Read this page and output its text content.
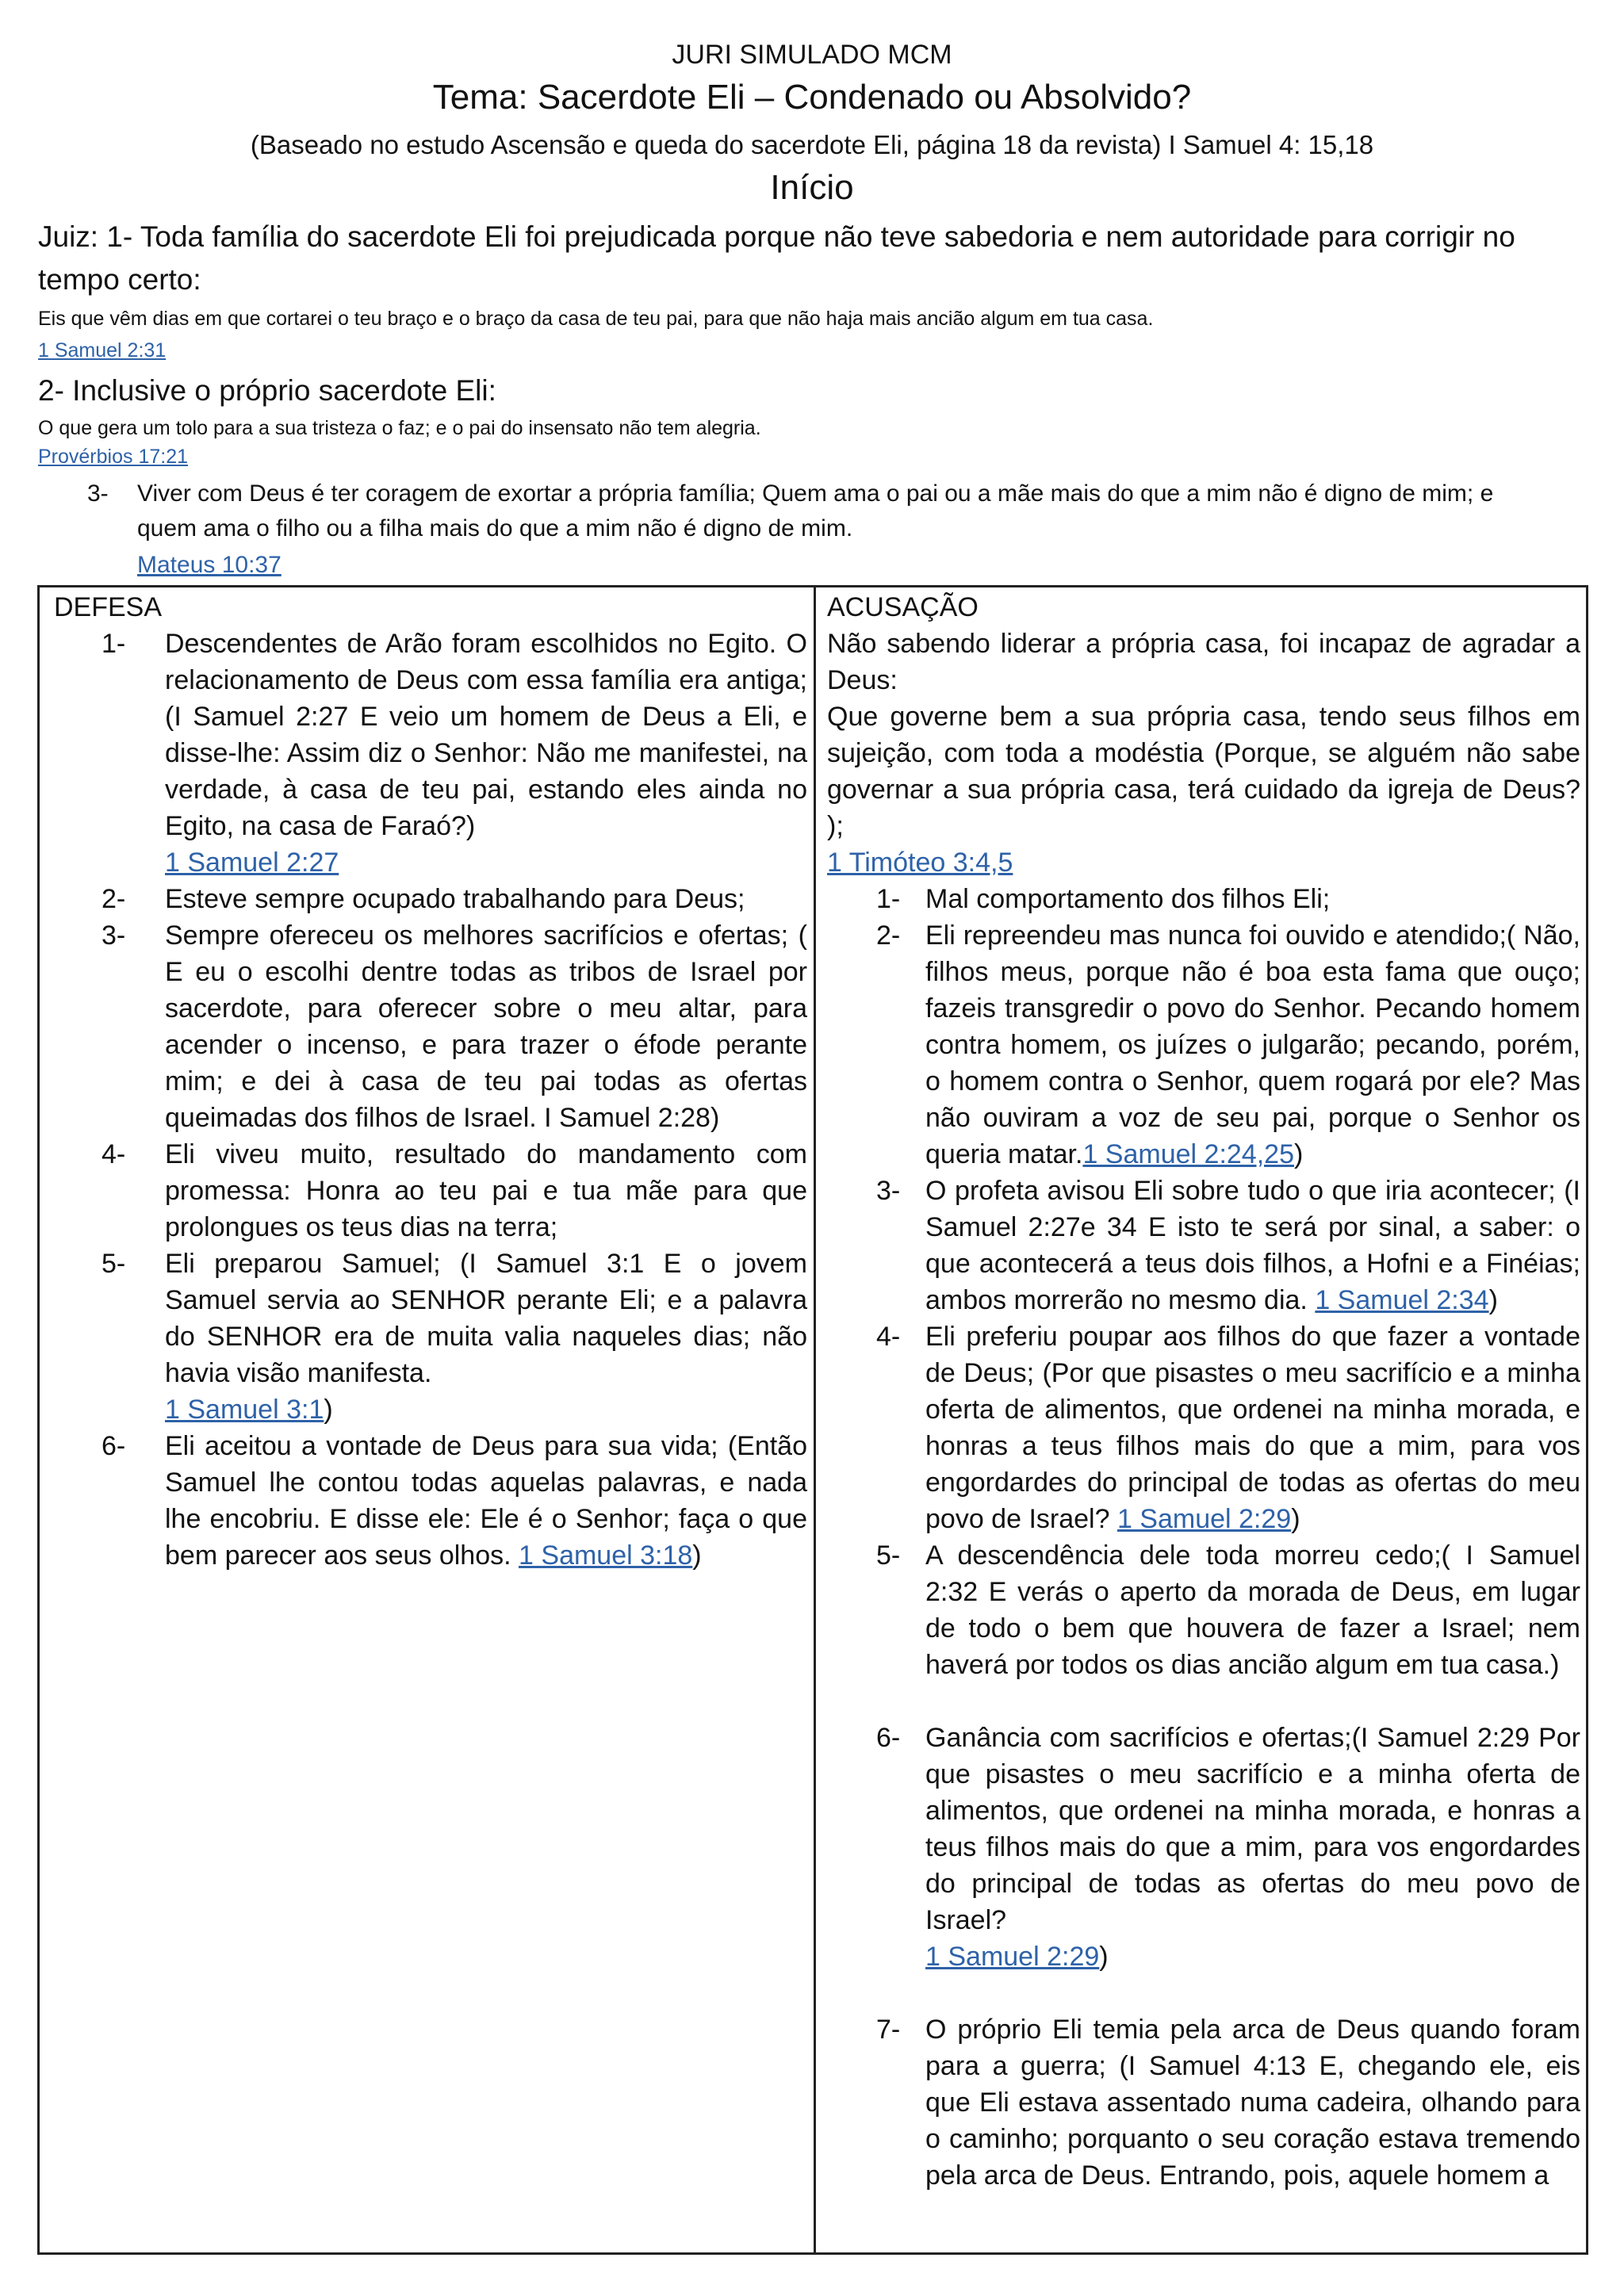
JURI SIMULADO MCM
Tema: Sacerdote Eli – Condenado ou Absolvido?
(Baseado no estudo Ascensão e queda do sacerdote Eli, página 18 da revista) I Samuel 4: 15,18
Início
Juiz: 1- Toda família do sacerdote Eli foi prejudicada porque não teve sabedoria e nem autoridade para corrigir no
tempo certo:
Eis que vêm dias em que cortarei o teu braço e o braço da casa de teu pai, para que não haja mais ancião algum em tua casa.
1 Samuel 2:31
2- Inclusive o próprio sacerdote Eli:
O que gera um tolo para a sua tristeza o faz; e o pai do insensato não tem alegria.
Provérbios 17:21
3- Viver com Deus é ter coragem de exortar a própria família; Quem ama o pai ou a mãe mais do que a mim não é digno de mim; e
quem ama o filho ou a filha mais do que a mim não é digno de mim.
Mateus 10:37
DEFESA
1- Descendentes de Arão foram escolhidos no Egito. O relacionamento de Deus com essa família era antiga; (I Samuel 2:27 E veio um homem de Deus a Eli, e disse-lhe: Assim diz o Senhor: Não me manifestei, na verdade, à casa de teu pai, estando eles ainda no Egito, na casa de Faraó?)
1 Samuel 2:27
2- Esteve sempre ocupado trabalhando para Deus;
3- Sempre ofereceu os melhores sacrifícios e ofertas; ( E eu o escolhi dentre todas as tribos de Israel por sacerdote, para oferecer sobre o meu altar, para acender o incenso, e para trazer o éfode perante mim; e dei à casa de teu pai todas as ofertas queimadas dos filhos de Israel. I Samuel 2:28)
4- Eli viveu muito, resultado do mandamento com promessa: Honra ao teu pai e tua mãe para que prolongues os teus dias na terra;
5- Eli preparou Samuel; (I Samuel 3:1 E o jovem Samuel servia ao SENHOR perante Eli; e a palavra do SENHOR era de muita valia naqueles dias; não havia visão manifesta.
1 Samuel 3:1)
6- Eli aceitou a vontade de Deus para sua vida; (Então Samuel lhe contou todas aquelas palavras, e nada lhe encobriu. E disse ele: Ele é o Senhor; faça o que bem parecer aos seus olhos. 1 Samuel 3:18)
ACUSAÇÃO
Não sabendo liderar a própria casa, foi incapaz de agradar a Deus:
Que governe bem a sua própria casa, tendo seus filhos em sujeição, com toda a modéstia (Porque, se alguém não sabe governar a sua própria casa, terá cuidado da igreja de Deus? );
1 Timóteo 3:4,5
1- Mal comportamento dos filhos Eli;
2- Eli repreendeu mas nunca foi ouvido e atendido;( Não, filhos meus, porque não é boa esta fama que ouço; fazeis transgredir o povo do Senhor. Pecando homem contra homem, os juízes o julgarão; pecando, porém, o homem contra o Senhor, quem rogará por ele? Mas não ouviram a voz de seu pai, porque o Senhor os queria matar.1 Samuel 2:24,25)
3- O profeta avisou Eli sobre tudo o que iria acontecer; (I Samuel 2:27e 34 E isto te será por sinal, a saber: o que acontecerá a teus dois filhos, a Hofni e a Finéias; ambos morrerão no mesmo dia. 1 Samuel 2:34)
4- Eli preferiu poupar aos filhos do que fazer a vontade de Deus; (Por que pisastes o meu sacrifício e a minha oferta de alimentos, que ordenei na minha morada, e honras a teus filhos mais do que a mim, para vos engordardes do principal de todas as ofertas do meu povo de Israel? 1 Samuel 2:29)
5- A descendência dele toda morreu cedo;( I Samuel 2:32 E verás o aperto da morada de Deus, em lugar de todo o bem que houvera de fazer a Israel; nem haverá por todos os dias ancião algum em tua casa.)
6- Ganância com sacrifícios e ofertas;(I Samuel 2:29 Por que pisastes o meu sacrifício e a minha oferta de alimentos, que ordenei na minha morada, e honras a teus filhos mais do que a mim, para vos engordardes do principal de todas as ofertas do meu povo de Israel?
1 Samuel 2:29)
7- O próprio Eli temia pela arca de Deus quando foram para a guerra; (I Samuel 4:13 E, chegando ele, eis que Eli estava assentado numa cadeira, olhando para o caminho; porquanto o seu coração estava tremendo pela arca de Deus. Entrando, pois, aquele homem a
